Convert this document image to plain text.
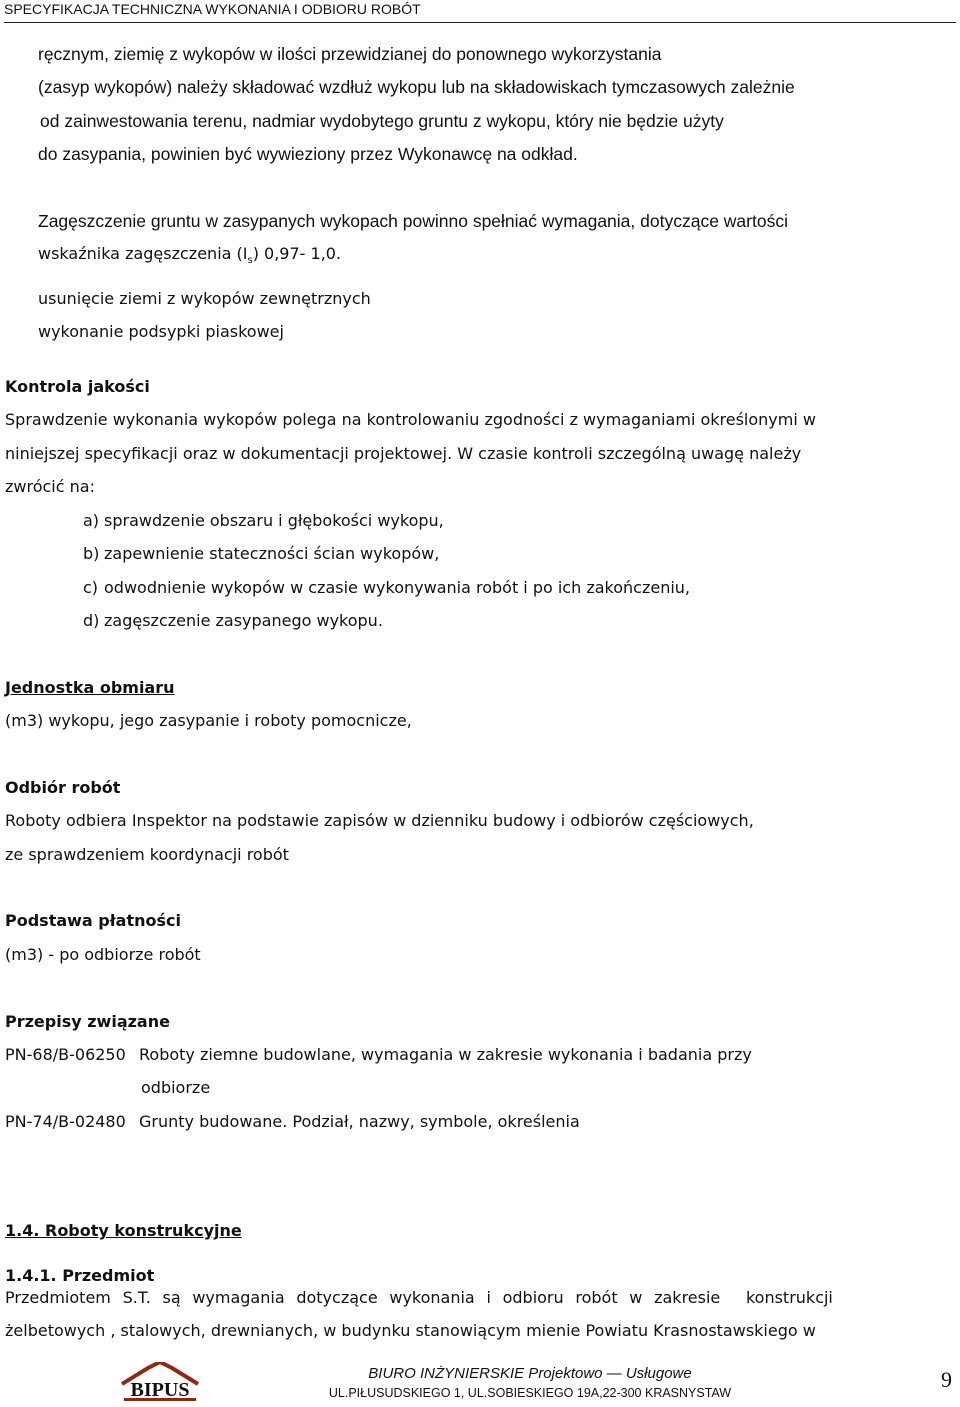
SPECYFIKACJA TECHNICZNA WYKONANIA I ODBIORU ROBÓT
ręcznym, ziemię z wykopów w ilości przewidzianej do ponownego wykorzystania
(zasyp wykopów) należy składować wzdłuż wykopu lub na składowiskach tymczasowych zależnie
od zainwestowania terenu, nadmiar wydobytego gruntu z wykopu, który nie będzie użyty
do zasypania, powinien być wywieziony przez Wykonawcę na odkład.
Zagęszczenie gruntu w zasypanych wykopach powinno spełniać wymagania, dotyczące wartości
wskaźnika zagęszczenia $(I_s)$ 0,97- 1,0.
usunięcie ziemi z wykopów zewnętrznych
wykonanie podsypki piaskowej
Kontrola jakości
Sprawdzenie wykonania wykopów polega na kontrolowaniu zgodności z wymaganiami określonymi w
niniejszej specyfikacji oraz w dokumentacji projektowej. W czasie kontroli szczególną uwagę należy
zwrócić na:
a) sprawdzenie obszaru i głębokości wykopu,
b) zapewnienie stateczności ścian wykopów,
c) odwodnienie wykopów w czasie wykonywania robót i po ich zakończeniu,
d) zagęszczenie zasypanego wykopu.
Jednostka obmiaru
(m3) wykopu, jego zasypanie i roboty pomocnicze,
Odbiór robót
Roboty odbiera Inspektor na podstawie zapisów w dzienniku budowy i odbiorów częściowych,
ze sprawdzeniem koordynacji robót
Podstawa płatności
(m3) - po odbiorze robót
Przepisy związane
PN-68/B-06250 Roboty ziemne budowlane, wymagania w zakresie wykonania i badania przy
odbiorze
PN-74/B-02480 Grunty budowane. Podział, nazwy, symbole, określenia
1.4. Roboty konstrukcyjne
1.4.1. Przedmiot
Przedmiotem S.T. są wymagania dotyczące wykonania i odbioru robót w zakresie konstrukcji
żelbetowych , stalowych, drewnianych, w budynku stanowiącym mienie Powiatu Krasnostawskiego w
BIPUS
BIURO INŻYNIERSKIE Projektowo — Usługowe
UL.PIŁUSUDSKIEGO 1, UL.SOBIESKIEGO 19A,22-300 KRASNYSTAW
9
